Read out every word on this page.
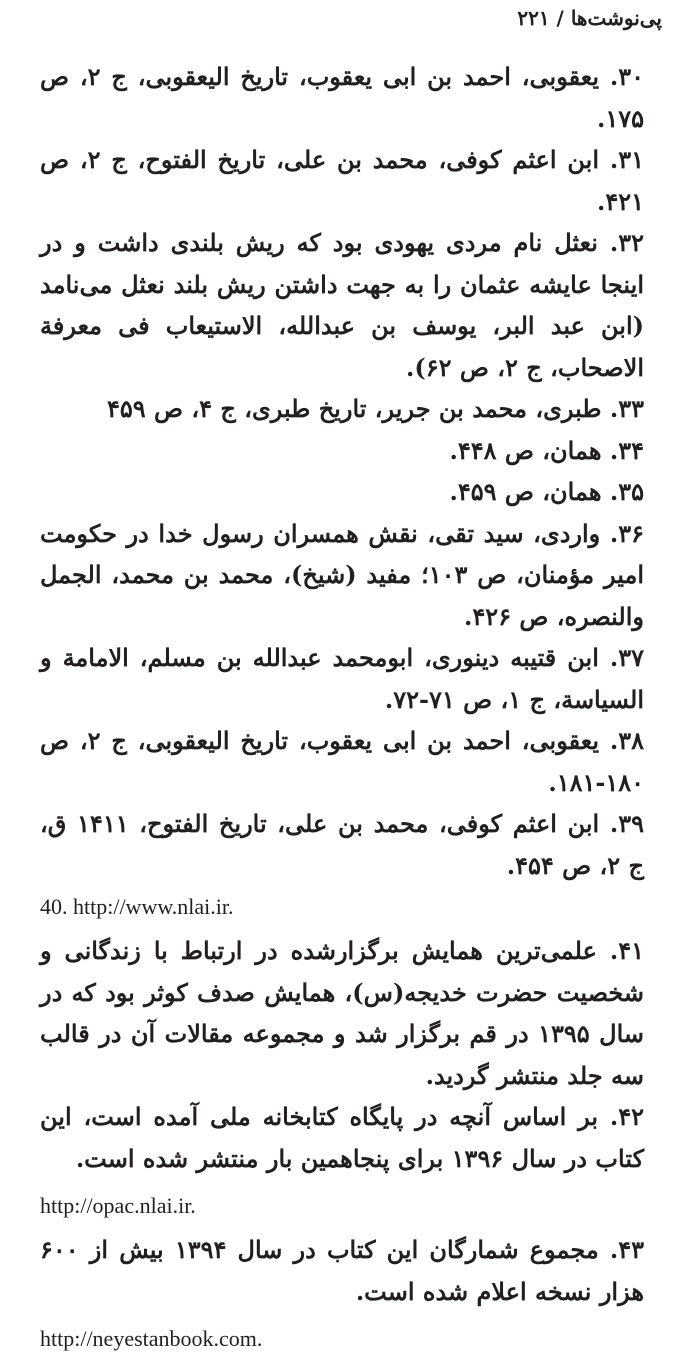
پی‌نوشت‌ها / ۲۲۱
۳۰. یعقوبی، احمد بن ابی یعقوب، تاریخ الیعقوبی، ج ۲، ص ۱۷۵.
۳۱. ابن اعثم کوفی، محمد بن علی، تاریخ الفتوح، ج ۲، ص ۴۲۱.
۳۲. نعثل نام مردی یهودی بود که ریش بلندی داشت و در اینجا عایشه عثمان را به جهت داشتن ریش بلند نعثل می‌نامد (ابن عبد البر، یوسف بن عبدالله، الاستیعاب فی معرفة الاصحاب، ج ۲، ص ۶۲).
۳۳. طبری، محمد بن جریر، تاریخ طبری، ج ۴، ص ۴۵۹
۳۴. همان، ص ۴۴۸.
۳۵. همان، ص ۴۵۹.
۳۶. واردی، سید تقی، نقش همسران رسول خدا در حکومت امیر مؤمنان، ص ۱۰۳؛ مفید (شیخ)، محمد بن محمد، الجمل والنصره، ص ۴۲۶.
۳۷. ابن قتیبه دینوری، ابومحمد عبدالله بن مسلم، الامامة و السیاسة، ج ۱، ص ۷۱-۷۲.
۳۸. یعقوبی، احمد بن ابی یعقوب، تاریخ الیعقوبی، ج ۲، ص ۱۸۰-۱۸۱.
۳۹. ابن اعثم کوفی، محمد بن علی، تاریخ الفتوح، ۱۴۱۱ ق، ج ۲، ص ۴۵۴.
40. http://www.nlai.ir.
۴۱. علمی‌ترین همایش برگزارشده در ارتباط با زندگانی و شخصیت حضرت خدیجه(س)، همایش صدف کوثر بود که در سال ۱۳۹۵ در قم برگزار شد و مجموعه مقالات آن در قالب سه جلد منتشر گردید.
۴۲. بر اساس آنچه در پایگاه کتابخانه ملی آمده است، این کتاب در سال ۱۳۹۶ برای پنجاهمین بار منتشر شده است.
http://opac.nlai.ir.
۴۳. مجموع شمارگان این کتاب در سال ۱۳۹۴ بیش از ۶۰۰ هزار نسخه اعلام شده است.
http://neyestanbook.com.
